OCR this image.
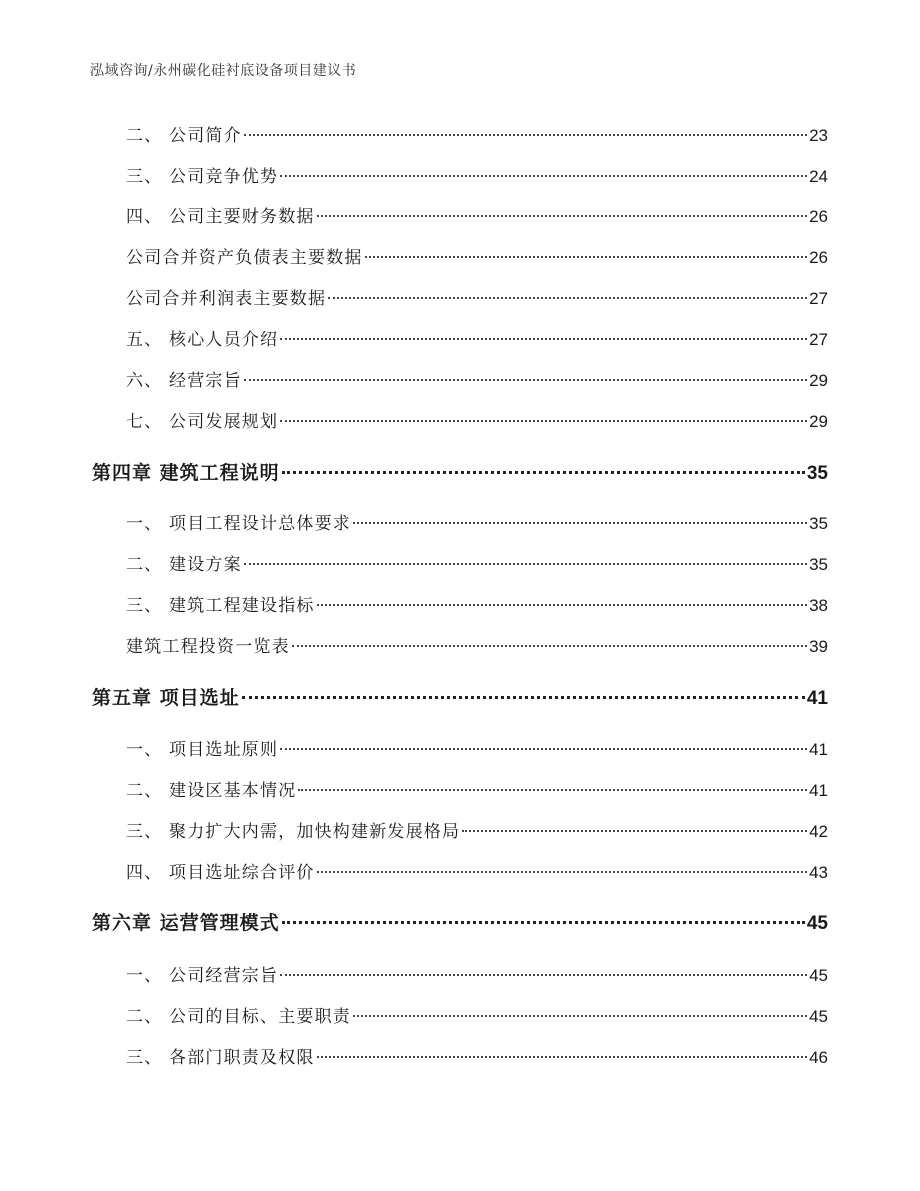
泓域咨询/永州碳化硅衬底设备项目建议书
二、 公司简介	23
三、 公司竞争优势	24
四、 公司主要财务数据	26
公司合并资产负债表主要数据	26
公司合并利润表主要数据	27
五、 核心人员介绍	27
六、 经营宗旨	29
七、 公司发展规划	29
第四章 建筑工程说明	35
一、 项目工程设计总体要求	35
二、 建设方案	35
三、 建筑工程建设指标	38
建筑工程投资一览表	39
第五章 项目选址	41
一、 项目选址原则	41
二、 建设区基本情况	41
三、 聚力扩大内需，加快构建新发展格局	42
四、 项目选址综合评价	43
第六章 运营管理模式	45
一、 公司经营宗旨	45
二、 公司的目标、主要职责	45
三、 各部门职责及权限	46
